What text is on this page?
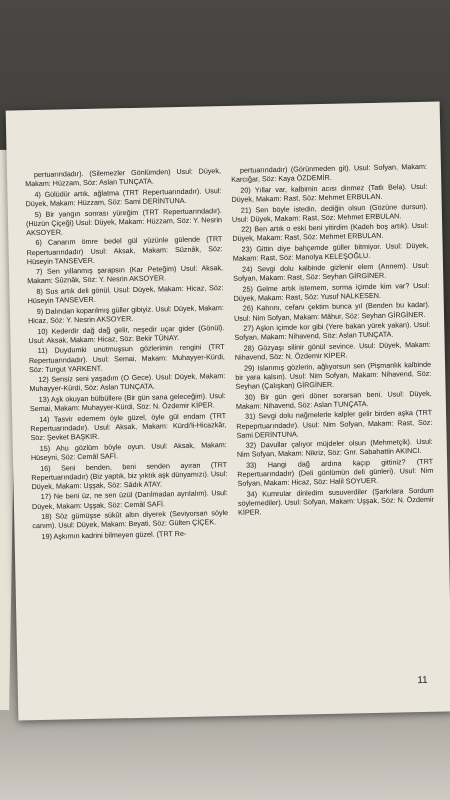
pertuarındadır). (Silemezler Gönlümden) Usul: Düyek, Makam: Hüzzam, Söz: Aslan TUNÇATA.

4) Gülüdür artık, ağlatma (TRT Repertuarındadır). Usul: Düyek, Makam: Hüzzam, Söz: Sami DERİNTUNA.

5) Bir yangın sonrası yüreğim (TRT Repertuarındadır). (Hüzün Çiçeği) Usul: Düyek, Makam: Hüzzam, Söz: Y. Nesrin AKSOYER.

6) Canarım ömre bedel gül yüzünle gülende (TRT Repertuarındadır) Usul: Aksak, Makam: Sûznâk, Söz: Hüseyin TANSEVER.

7) Sen yıllanmış şarapsın (Kar Peteğim) Usul: Aksak, Makam: Sûznâk, Söz: Y. Nesrin AKSOYER.

8) Sus artık deli gönül. Usul: Düyek, Makam: Hicaz, Söz: Hüseyin TANSEVER.

9) Dalından koparılmış güller gibiyiz. Usul: Düyek, Makam: Hicaz, Söz: Y. Nesrin AKSOYER.

10) Kederdir dağ dağ gelir, neşedir uçar gider (Gönül). Usul: Aksak, Makam: Hicaz, Söz: Bekir TÜNAY.

11) Duydumki unutmuşsun gözlerimin rengini (TRT Repertuarındadır). Usul: Semai, Makam: Muhayyer-Kürdi, Söz: Turgut YARKENT.

12) Sensiz seni yaşadım (O Gece). Usul: Düyek, Makam: Muhayyer-Kürdi, Söz: Aslan TUNÇATA.

13) Aşk okuyan bülbüllere (Bir gün sana geleceğim). Usul: Semai, Makam: Muhayyer-Kürdi, Söz: N. Özdemir KİPER.

14) Tasvir edemem öyle güzel, öyle gül endam (TRT Repertuarındadır). Usul: Aksak, Makam: Kürdi'li-Hicazkâr, Söz: Şevket BAŞKIR.

15) Ahu gözlüm böyle oyun. Usul: Aksak, Makam: Hüseyni, Söz: Cemâl SAFİ.

16) Seni benden, beni senden ayıran (TRT Repertuarındadır) (Biz yaptık, biz yıktık aşk dünyamızı). Usul: Düyek, Makam: Uşşak, Söz: Sâdık ATAY.

17) Ne beni üz, ne sen üzül (Darılmadan ayrılalım). Usul: Düyek, Makam: Uşşak, Söz: Cemâl SAFİ.

18) Söz gümüşse sükût altın diyerek (Seviyorsan söyle canım). Usul: Düyek, Makam: Beyati, Söz: Gülten ÇİÇEK.

19) Aşkımın kadrini bilmeyen güzel. (TRT Re-

pertuarındadır) (Görünmeden git). Usul: Sofyan, Makam: Karcığar, Söz: Kaya ÖZDEMİR.

20) Yıllar var, kalbimin acısı dinmez (Tatlı Bela). Usul: Düyek, Makam: Rast, Söz: Mehmet ERBULAN.

21) Sen böyle istedin, dediğin olsun (Gözüne dursun). Usul: Düyek, Makam: Rast, Söz: Mehmet ERBULAN.

22) Ben artık o eski beni yitirdim (Kadeh boş artık). Usul: Düyek, Makam: Rast, Söz: Mehmet ERBULAN.

23) Gittin diye bahçemde güller bitmiyor. Usul: Düyek, Makam: Rast, Söz: Manolya KELEŞOĞLU.

24) Sevgi dolu kalbinde gizlenir elem (Annem). Usul: Sofyan, Makam: Rast, Söz: Seyhan GİRGİNER.

25) Gelme artık istemem, sorma içimde kim var? Usul: Düyek, Makam: Rast, Söz: Yusuf NALKESEN.

26) Kahrını, cefanı çektim bunca yıl (Benden bu kadar). Usul: Nim Sofyan, Makam: Mâhur, Söz: Seyhan GİRGİNER.

27) Aşkın içimde kor gibi (Yere bakan yürek yakan). Usul: Sofyan, Makam: Nihavend, Söz: Aslan TUNÇATA.

28) Gözyaşı silinir gönül sevince. Usul: Düyek, Makam: Nihavend, Söz: N. Özdemir KİPER.

29) Islanmış gözlerin, ağlıyorsun sen (Pişmanlık kalbinde bir yara kalsın). Usul: Nim Sofyan, Makam: Nihavend, Söz: Seyhan (Çalışkan) GİRGİNER.

30) Bir gün geri döner sorarsan beni. Usul: Düyek, Makam: Nihavend, Söz: Aslan TUNÇATA.

31) Sevgi dolu nağmelerle kalpler gelir birden aşka (TRT Repeprtuarındadır). Usul: Nim Sofyan, Makam: Rast, Söz: Sami DERİNTUNA.

32) Davullar çalıyor müjdeler olsun (Mehmetçik). Usul: Nim Sofyan, Makam: Nikriz, Söz: Gnr. Sabahattin AKINCI.

33) Hangi dağ ardına kaçıp gittiniz? (TRT Repertuarındadır) (Deli gönlümün deli günleri). Usul: Nim Sofyan, Makam: Hicaz, Söz: Halil SOYUER.

34) Kumrular dinledim susuverdiler (Şarkılara Sordum söylemediler). Usul: Sofyan, Makam: Uşşak, Söz: N. Özdemir KİPER.

11
